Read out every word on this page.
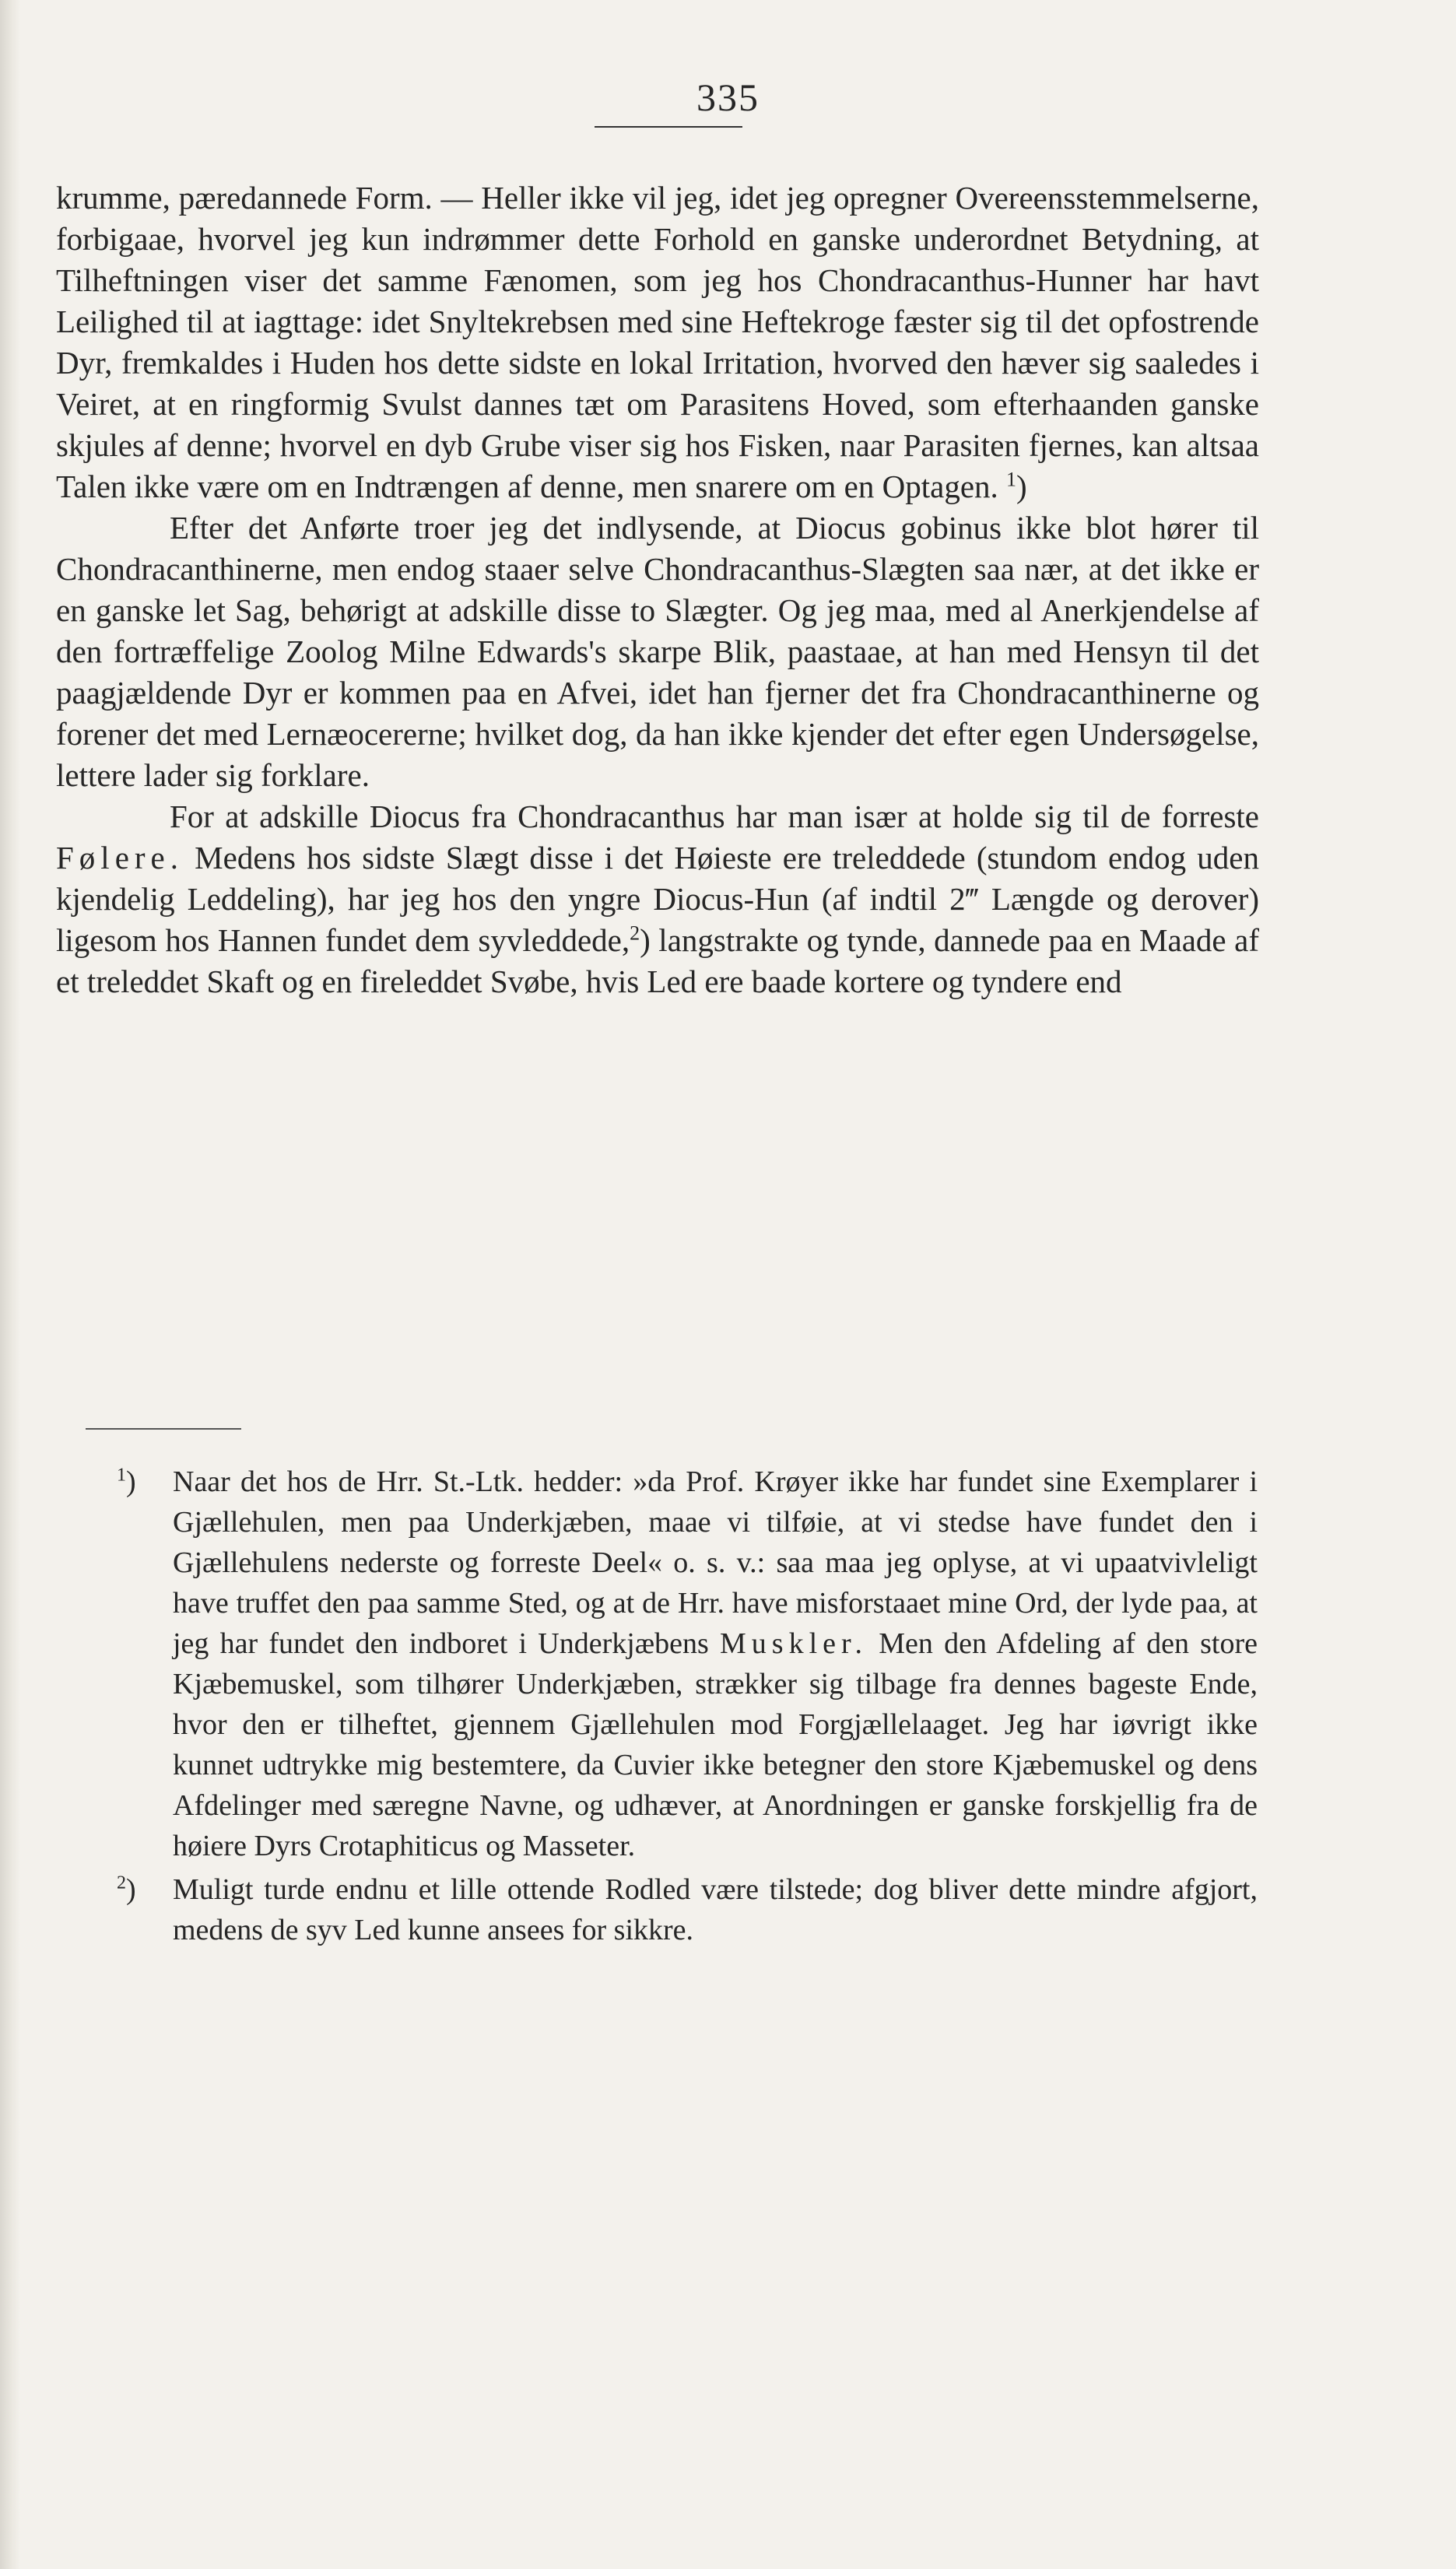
335

krumme, pæredannede Form. — Heller ikke vil jeg, idet jeg opregner Overeensstemmelserne, forbigaae, hvorvel jeg kun indrømmer dette Forhold en ganske underordnet Betydning, at Tilheftningen viser det samme Fænomen, som jeg hos Chondracanthus-Hunner har havt Leilighed til at iagttage: idet Snyltekrebsen med sine Heftekroge fæster sig til det opfostrende Dyr, fremkaldes i Huden hos dette sidste en lokal Irritation, hvorved den hæver sig saaledes i Veiret, at en ringformig Svulst dannes tæt om Parasitens Hoved, som efterhaanden ganske skjules af denne; hvorvel en dyb Grube viser sig hos Fisken, naar Parasiten fjernes, kan altsaa Talen ikke være om en Indtrængen af denne, men snarere om en Optagen. $^1$)

Efter det Anførte troer jeg det indlysende, at Diocus gobinus ikke blot hører til Chondracanthinerne, men endog staaer selve Chondracanthus-Slægten saa nær, at det ikke er en ganske let Sag, behørigt at adskille disse to Slægter. Og jeg maa, med al Anerkjendelse af den fortræffelige Zoolog Milne Edwards's skarpe Blik, paastaae, at han med Hensyn til det paagjældende Dyr er kommen paa en Afvei, idet han fjerner det fra Chondracanthinerne og forener det med Lernæocererne; hvilket dog, da han ikke kjender det efter egen Undersøgelse, lettere lader sig forklare.

For at adskille Diocus fra Chondracanthus har man især at holde sig til de forreste Følere. Medens hos sidste Slægt disse i det Høieste ere treleddede (stundom endog uden kjendelig Leddeling), har jeg hos den yngre Diocus-Hun (af indtil 2‴ Længde og derover) ligesom hos Hannen fundet dem syvleddede,$^2$) langstrakte og tynde, dannede paa en Maade af et treleddet Skaft og en fireleddet Svøbe, hvis Led ere baade kortere og tyndere end

$^1$) Naar det hos de Hrr. St.-Ltk. hedder: »da Prof. Krøyer ikke har fundet sine Exemplarer i Gjællehulen, men paa Underkjæben, maae vi tilføie, at vi stedse have fundet den i Gjællehulens nederste og forreste Deel« o. s. v.: saa maa jeg oplyse, at vi upaatvivleligt have truffet den paa samme Sted, og at de Hrr. have misforstaaet mine Ord, der lyde paa, at jeg har fundet den indboret i Underkjæbens Muskler. Men den Afdeling af den store Kjæbemuskel, som tilhører Underkjæben, strækker sig tilbage fra dennes bageste Ende, hvor den er tilheftet, gjennem Gjællehulen mod Forgjællelaaget. Jeg har iøvrigt ikke kunnet udtrykke mig bestemtere, da Cuvier ikke betegner den store Kjæbemuskel og dens Afdelinger med særegne Navne, og udhæver, at Anordningen er ganske forskjellig fra de høiere Dyrs Crotaphiticus og Masseter.
$^2$) Muligt turde endnu et lille ottende Rodled være tilstede; dog bliver dette mindre afgjort, medens de syv Led kunne ansees for sikkre.
